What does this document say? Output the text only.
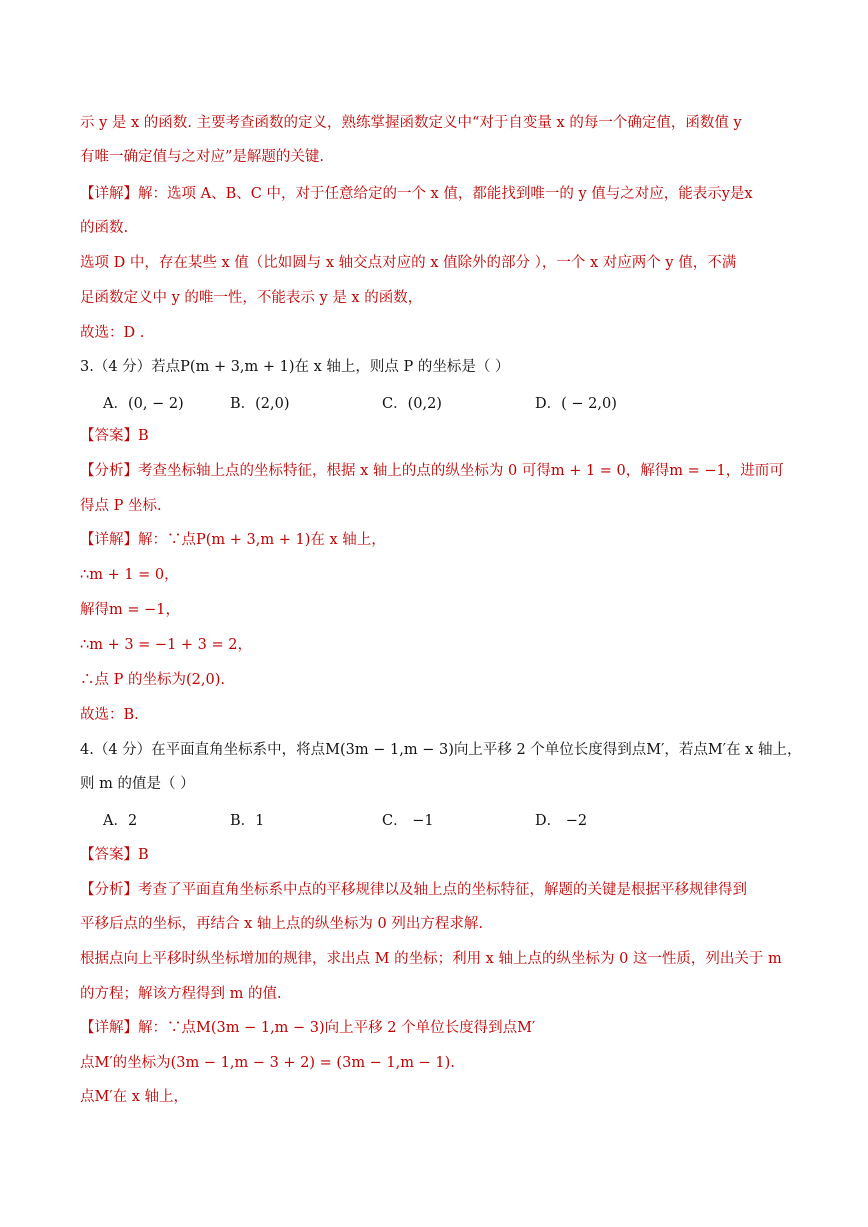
示 y 是 x 的函数. 主要考查函数的定义，熟练掌握函数定义中“对于自变量 x 的每一个确定值，函数值 y
有唯一确定值与之对应”是解题的关键.
【详解】解：选项 A、B、C 中，对于任意给定的一个 x 值，都能找到唯一的 y 值与之对应，能表示y是x
的函数.
选项 D 中，存在某些 x 值（比如圆与 x 轴交点对应的 x 值除外的部分 ），一个 x 对应两个 y 值，不满
足函数定义中 y 的唯一性，不能表示 y 是 x 的函数，
故选：D .
3.（4 分）若点P(m + 3,m + 1)在 x 轴上，则点 P 的坐标是（ ）
A．(0, − 2)	B．(2,0)	C．(0,2)	D．( − 2,0)
【答案】B
【分析】考查坐标轴上点的坐标特征，根据 x 轴上的点的纵坐标为 0 可得m + 1 = 0，解得m = −1，进而可
得点 P 坐标.
【详解】解：∵点P(m + 3,m + 1)在 x 轴上，
∴m + 1 = 0，
解得m = −1，
∴m + 3 = −1 + 3 = 2，
∴点 P 的坐标为(2,0).
故选：B.
4.（4 分）在平面直角坐标系中，将点M(3m − 1,m − 3)向上平移 2 个单位长度得到点M′，若点M′在 x 轴上，
则 m 的值是（ ）
A．2	B．1	C． −1	D． −2
【答案】B
【分析】考查了平面直角坐标系中点的平移规律以及轴上点的坐标特征，解题的关键是根据平移规律得到
平移后点的坐标，再结合 x 轴上点的纵坐标为 0 列出方程求解.
根据点向上平移时纵坐标增加的规律，求出点 M 的坐标；利用 x 轴上点的纵坐标为 0 这一性质，列出关于 m
的方程；解该方程得到 m 的值.
【详解】解：∵点M(3m − 1,m − 3)向上平移 2 个单位长度得到点M′
点M′的坐标为(3m − 1,m − 3 + 2) = (3m − 1,m − 1).
点M′在 x 轴上，
